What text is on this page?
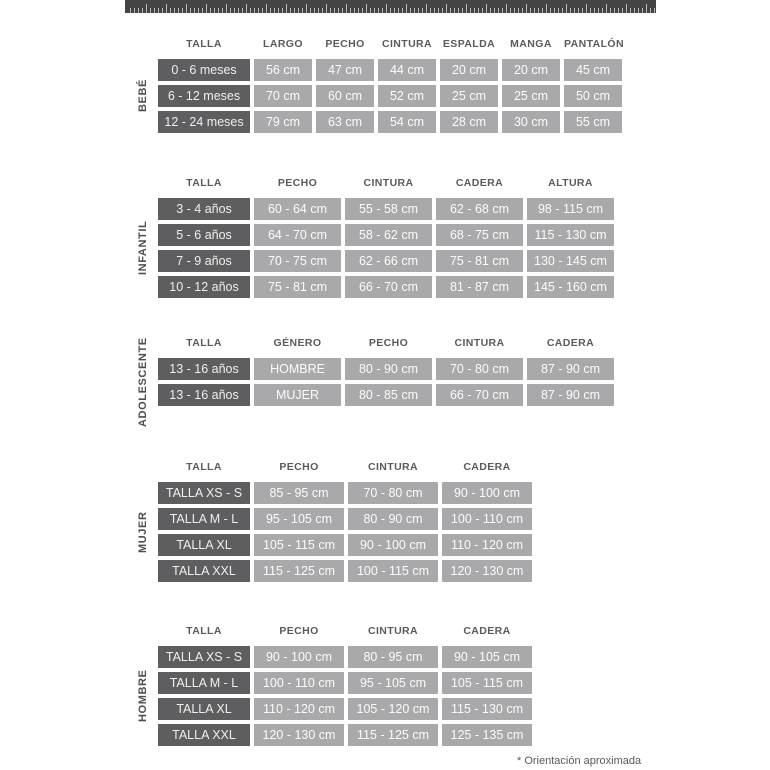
BEBÉ
TALLA	LARGO	PECHO	CINTURA	ESPALDA	MANGA	PANTALÓN
0 - 6 meses	56 cm	47 cm	44 cm	20 cm	20 cm	45 cm
6 - 12 meses	70 cm	60 cm	52 cm	25 cm	25 cm	50 cm
12 - 24 meses	79 cm	63 cm	54 cm	28 cm	30 cm	55 cm
INFANTIL
TALLA	PECHO	CINTURA	CADERA	ALTURA
3 - 4 años	60 - 64 cm	55 - 58 cm	62 - 68 cm	98 - 115 cm
5 - 6 años	64 - 70 cm	58 - 62 cm	68 - 75 cm	115 - 130 cm
7 - 9 años	70 - 75 cm	62 - 66 cm	75 - 81 cm	130 - 145 cm
10 - 12 años	75 - 81 cm	66 - 70 cm	81 - 87 cm	145 - 160 cm
ADOLESCENTE	TALLA	GÉNERO	PECHO	CINTURA	CADERA
13 - 16 años	HOMBRE	80 - 90 cm	70 - 80 cm	87 - 90 cm
13 - 16 años	MUJER	80 - 85 cm	66 - 70 cm	87 - 90 cm
MUJER
TALLA	PECHO	CINTURA	CADERA
TALLA XS - S	85 - 95 cm	70 - 80 cm	90 - 100 cm
TALLA M - L	95 - 105 cm	80 - 90 cm	100 - 110 cm
TALLA XL	105 - 115 cm	90 - 100 cm	110 - 120 cm
TALLA XXL	115 - 125 cm	100 - 115 cm	120 - 130 cm
HOMBRE
TALLA	PECHO	CINTURA	CADERA
TALLA XS - S	90 - 100 cm	80 - 95 cm	90 - 105 cm
TALLA M - L	100 - 110 cm	95 - 105 cm	105 - 115 cm
TALLA XL	110 - 120 cm	105 - 120 cm	115 - 130 cm
TALLA XXL	120 - 130 cm	115 - 125 cm	125 - 135 cm
* Orientación aproximada
